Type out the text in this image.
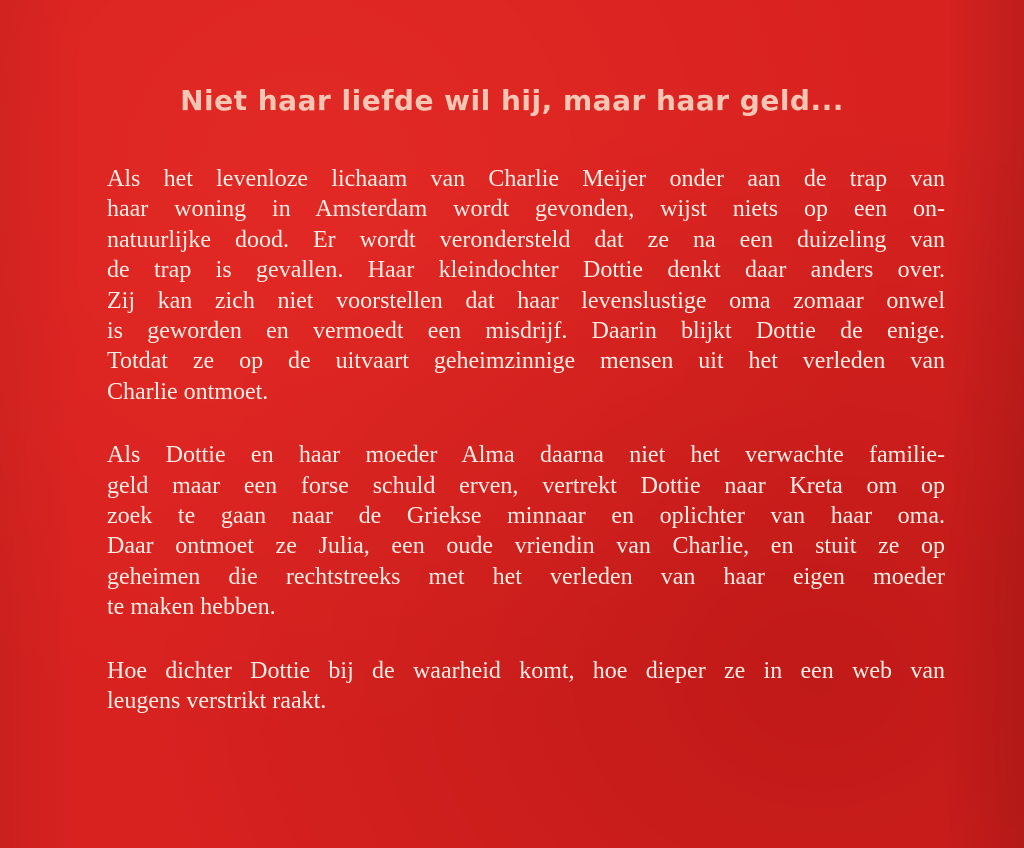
Niet haar liefde wil hij, maar haar geld...

Als het levenloze lichaam van Charlie Meijer onder aan de trap van
haar woning in Amsterdam wordt gevonden, wijst niets op een on-
natuurlijke dood. Er wordt verondersteld dat ze na een duizeling van
de trap is gevallen. Haar kleindochter Dottie denkt daar anders over.
Zij kan zich niet voorstellen dat haar levenslustige oma zomaar onwel
is geworden en vermoedt een misdrijf. Daarin blijkt Dottie de enige.
Totdat ze op de uitvaart geheimzinnige mensen uit het verleden van
Charlie ontmoet.

Als Dottie en haar moeder Alma daarna niet het verwachte familie-
geld maar een forse schuld erven, vertrekt Dottie naar Kreta om op
zoek te gaan naar de Griekse minnaar en oplichter van haar oma.
Daar ontmoet ze Julia, een oude vriendin van Charlie, en stuit ze op
geheimen die rechtstreeks met het verleden van haar eigen moeder
te maken hebben.

Hoe dichter Dottie bij de waarheid komt, hoe dieper ze in een web van
leugens verstrikt raakt.
